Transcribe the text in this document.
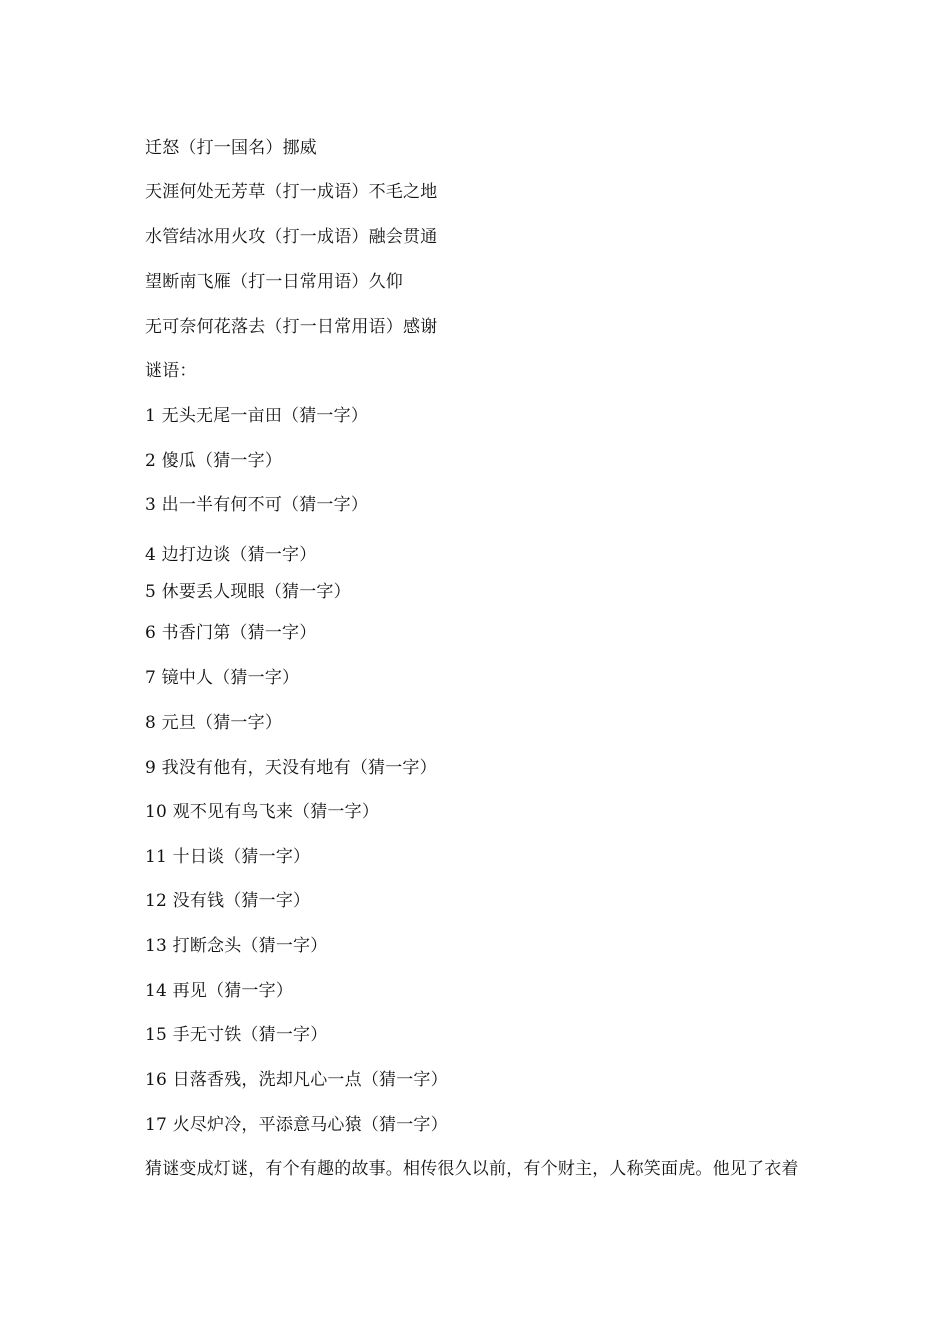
迁怒（打一国名）挪威
天涯何处无芳草（打一成语）不毛之地
水管结冰用火攻（打一成语）融会贯通
望断南飞雁（打一日常用语）久仰
无可奈何花落去（打一日常用语）感谢
谜语：
1 无头无尾一亩田（猜一字）
2 傻瓜（猜一字）
3 出一半有何不可（猜一字）
4 边打边谈（猜一字）
5 休要丢人现眼（猜一字）
6 书香门第（猜一字）
7 镜中人（猜一字）
8 元旦（猜一字）
9 我没有他有，天没有地有（猜一字）
10 观不见有鸟飞来（猜一字）
11 十日谈（猜一字）
12 没有钱（猜一字）
13 打断念头（猜一字）
14 再见（猜一字）
15 手无寸铁（猜一字）
16 日落香残，洗却凡心一点（猜一字）
17 火尽炉冷，平添意马心猿（猜一字）
猜谜变成灯谜，有个有趣的故事。相传很久以前，有个财主，人称笑面虎。他见了衣着
